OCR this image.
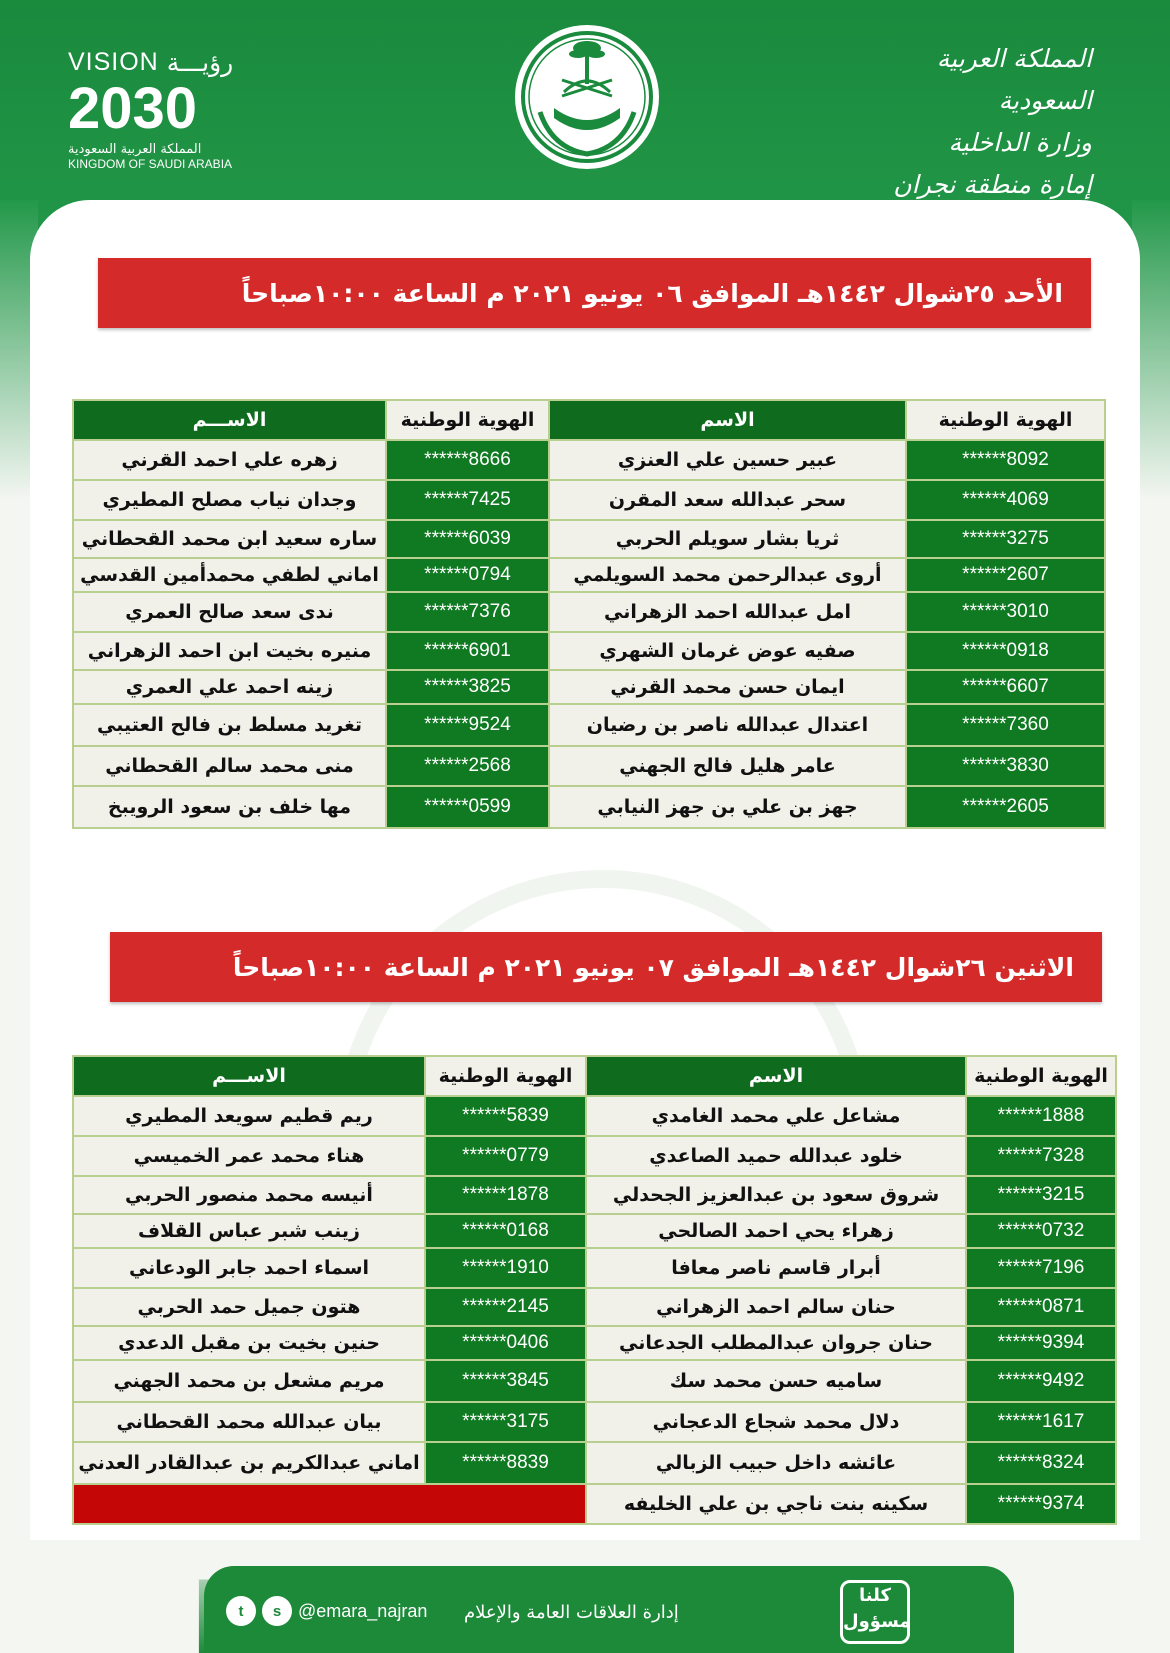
VISION رؤيـــة
2030
المملكة العربية السعودية
KINGDOM OF SAUDI ARABIA
المملكة العربية السعودية
وزارة الداخلية
إمارة منطقة نجران
الأحد ٢٥شوال ١٤٤٢هـ الموافق ٠٦ يونيو ٢٠٢١ م الساعة ١٠:٠٠صباحاً
الاســـم	الهوية الوطنية	الاسم	الهوية الوطنية
زهره علي احمد القرني	******8666	عبير حسين علي العنزي	******8092
وجدان نياب مصلح المطيري	******7425	سحر عبدالله سعد المقرن	******4069
ساره سعيد ابن محمد القحطاني	******6039	ثريا بشار سويلم الحربي	******3275
اماني لطفي محمدأمين القدسي	******0794	أروى عبدالرحمن محمد السويلمي	******2607
ندى سعد صالح العمري	******7376	امل عبدالله احمد الزهراني	******3010
منيره بخيت ابن احمد الزهراني	******6901	صفيه عوض غرمان الشهري	******0918
زينه احمد علي العمري	******3825	ايمان حسن محمد القرني	******6607
تغريد مسلط بن فالح العتيبي	******9524	اعتدال عبدالله ناصر بن رضيان	******7360
منى محمد سالم القحطاني	******2568	عامر هليل فالح الجهني	******3830
مها خلف بن سعود الرويبخ	******0599	جهز بن علي بن جهز النيابي	******2605
الاثنين ٢٦شوال ١٤٤٢هـ الموافق ٠٧ يونيو ٢٠٢١ م الساعة ١٠:٠٠صباحاً
الاســـم	الهوية الوطنية	الاسم	الهوية الوطنية
ريم قطيم سويعد المطيري	******5839	مشاعل علي محمد الغامدي	******1888
هناء محمد عمر الخميسي	******0779	خلود عبدالله حميد الصاعدي	******7328
أنيسه محمد منصور الحربي	******1878	شروق سعود بن عبدالعزيز الجحدلي	******3215
زينب شبر عباس القلاف	******0168	زهراء يحي احمد الصالحي	******0732
اسماء احمد جابر الودعاني	******1910	أبرار قاسم ناصر معافا	******7196
هتون جميل حمد الحربي	******2145	حنان سالم احمد الزهراني	******0871
حنين بخيت بن مقبل الدعدي	******0406	حنان جروان عبدالمطلب الجدعاني	******9394
مريم مشعل بن محمد الجهني	******3845	ساميه حسن محمد سك	******9492
بيان عبدالله محمد القحطاني	******3175	دلال محمد شجاع الدعجاني	******1617
اماني عبدالكريم بن عبدالقادر العدني	******8839	عائشه داخل حبيب الزبالي	******8324
		سكينه بنت ناجي بن علي الخليفه	******9374
t	s @emara_najran إدارة العلاقات العامة والإعلام
كلنا
مسؤول
